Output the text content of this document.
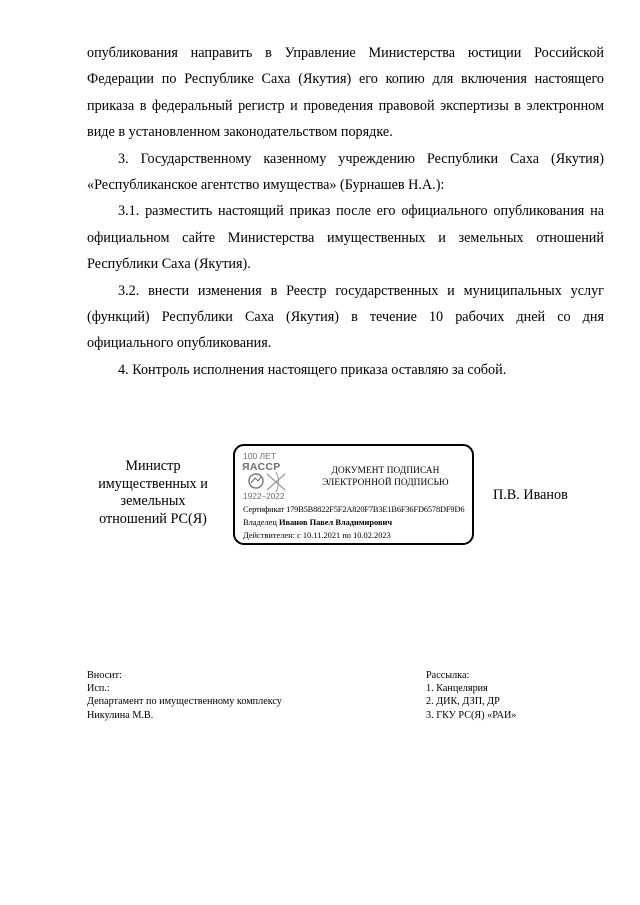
опубликования направить в Управление Министерства юстиции Российской Федерации по Республике Саха (Якутия) его копию для включения настоящего приказа в федеральный регистр и проведения правовой экспертизы в электронном виде в установленном законодательством порядке.

3. Государственному казенному учреждению Республики Саха (Якутия) «Республиканское агентство имущества» (Бурнашев Н.А.):

3.1. разместить настоящий приказ после его официального опубликования на официальном сайте Министерства имущественных и земельных отношений Республики Саха (Якутия).

3.2. внести изменения в Реестр государственных и муниципальных услуг (функций) Республики Саха (Якутия) в течение 10 рабочих дней со дня официального опубликования.

4. Контроль исполнения настоящего приказа оставляю за собой.

Министр
имущественных и
земельных
отношений РС(Я)
100 ЛЕТ
ЯАССР
1922–2022
ДОКУМЕНТ ПОДПИСАН
ЭЛЕКТРОННОЙ ПОДПИСЬЮ
Сертификат 179B5B8822F5F2A820F7B3E1B6F36FD6578DF9D6
Владелец Иванов Павел Владимирович
Действителен: с 10.11.2021 по 10.02.2023
П.В. Иванов
Вносит:
Исп.:
Департамент по имущественному комплексу
Никулина М.В.
Рассылка:
1. Канцелярия
2. ДИК, ДЗП, ДР
3. ГКУ РС(Я) «РАИ»
